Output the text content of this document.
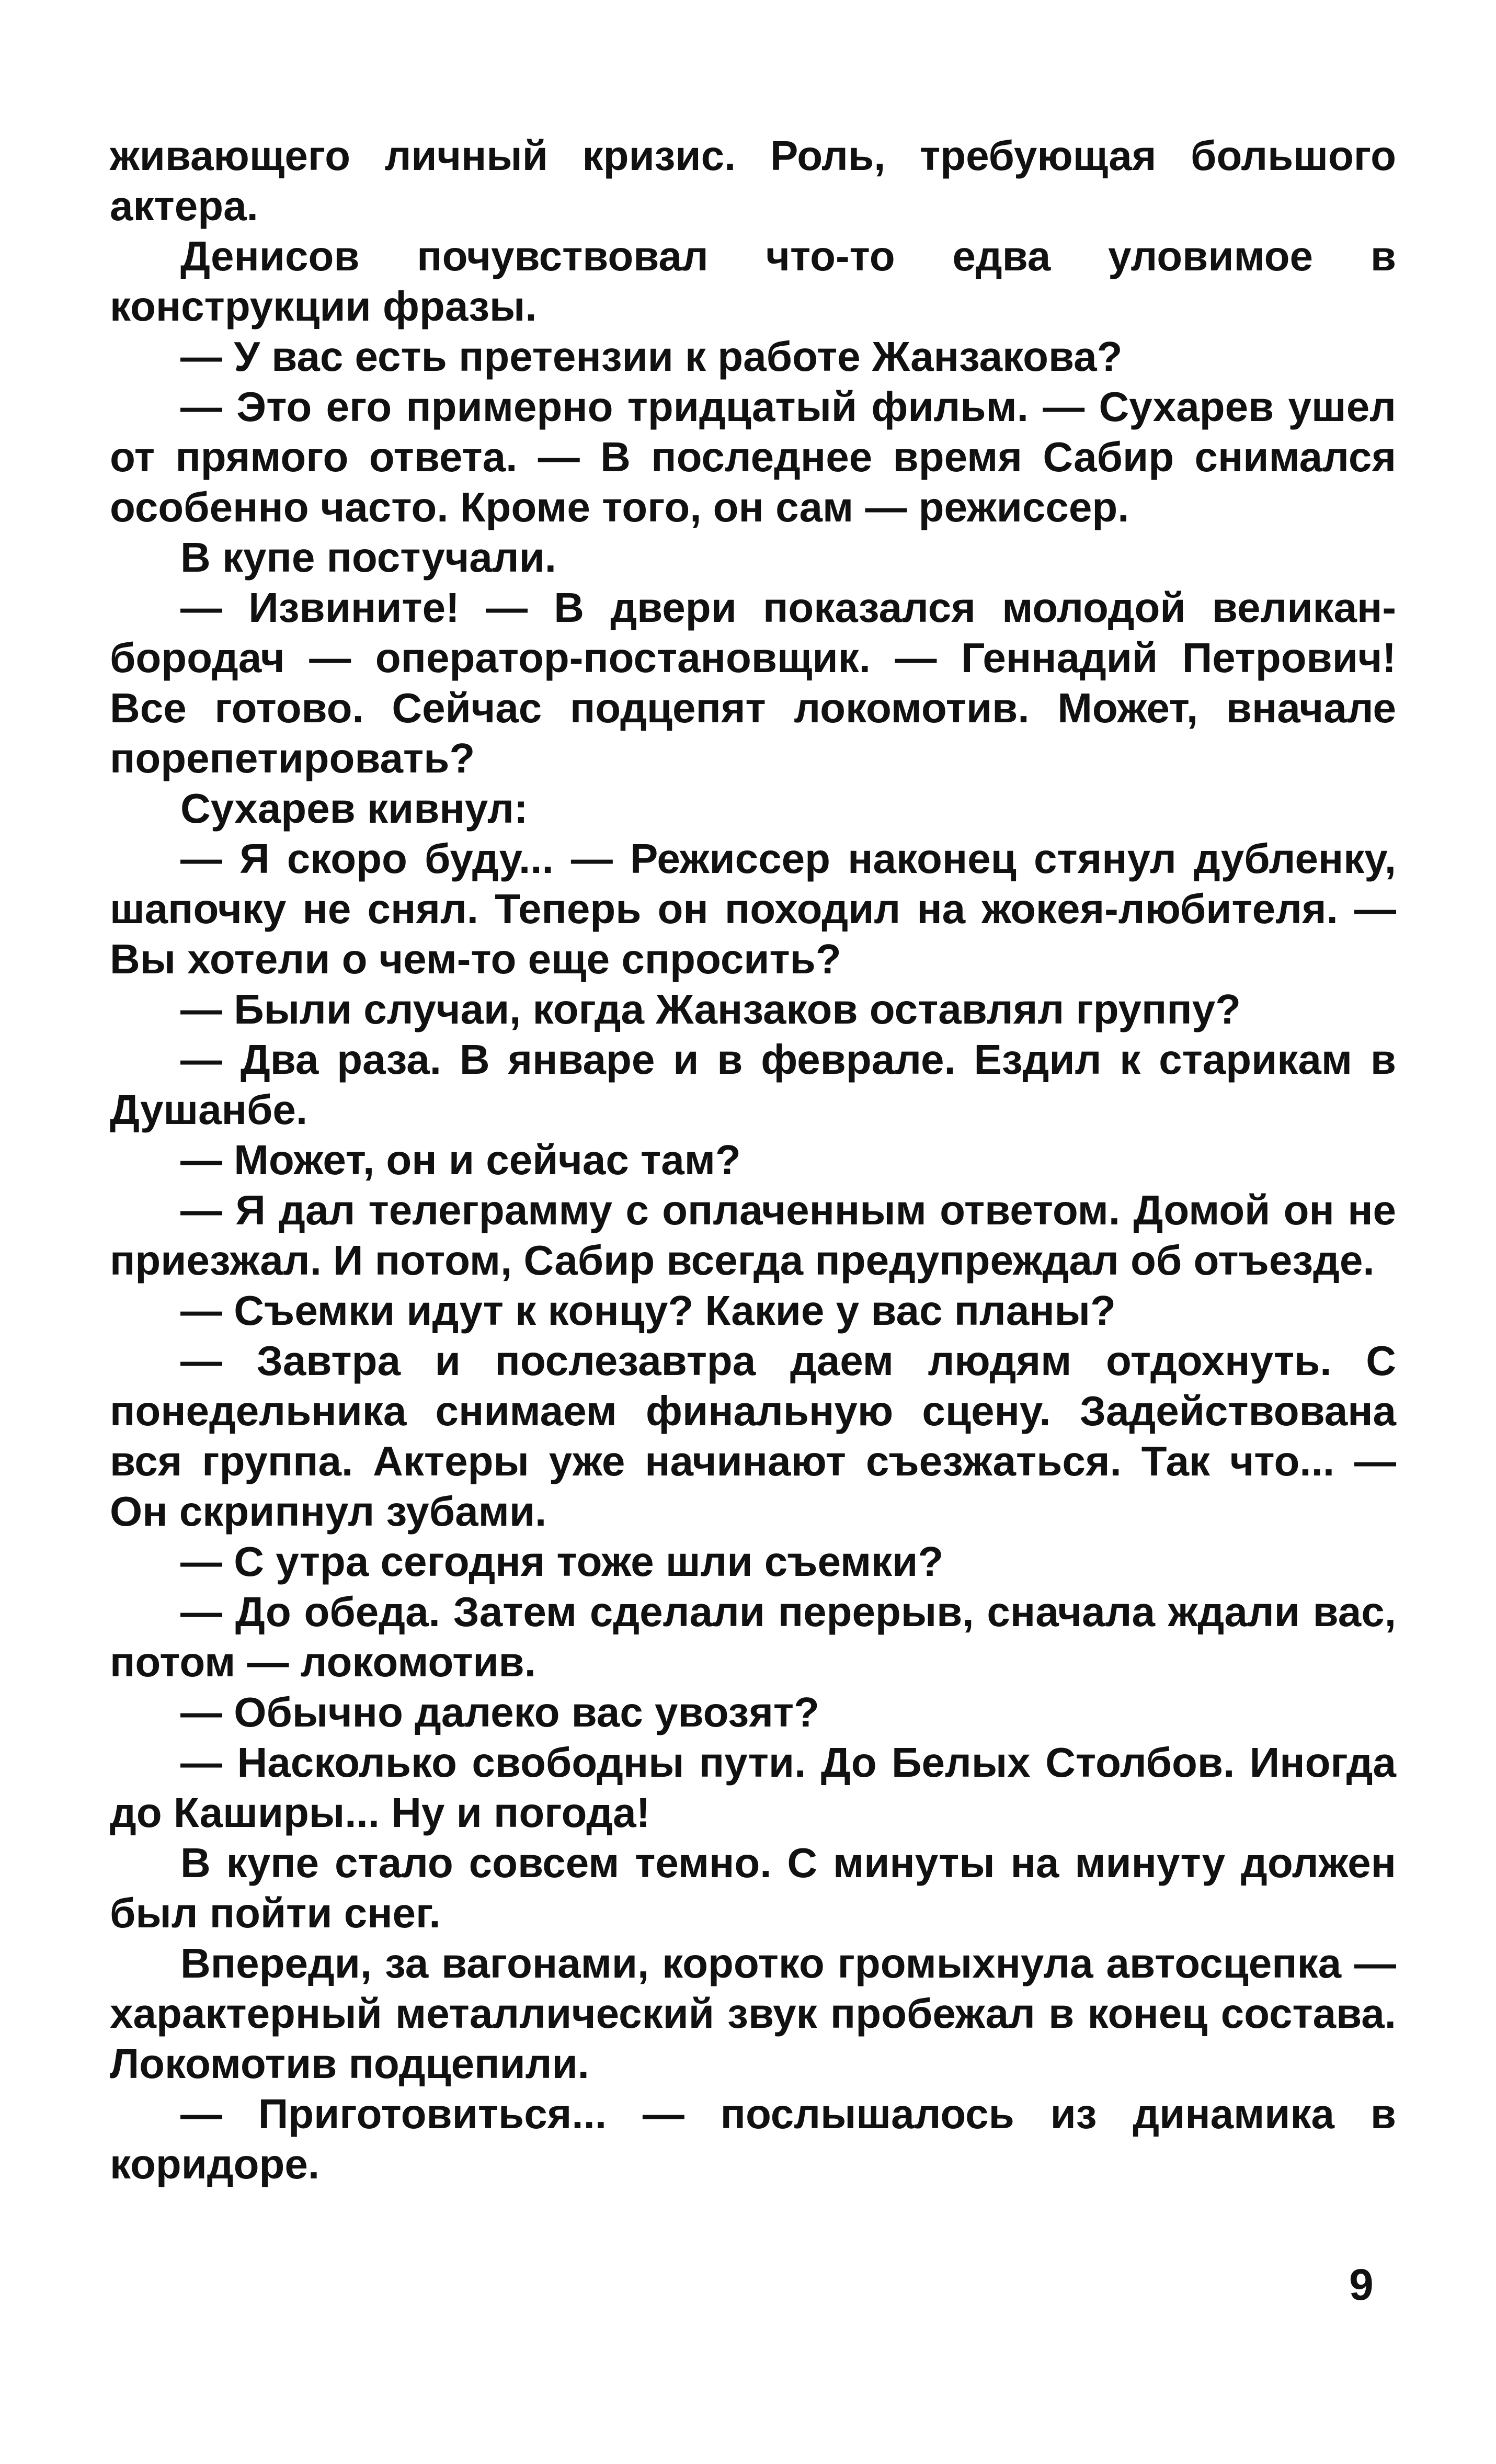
живающего личный кризис. Роль, требующая большого актера.

Денисов почувствовал что-то едва уловимое в конструкции фразы.

— У вас есть претензии к работе Жанзакова?

— Это его примерно тридцатый фильм. — Сухарев ушел от прямого ответа. — В последнее время Сабир снимался особенно часто. Кроме того, он сам — режиссер.

В купе постучали.

— Извините! — В двери показался молодой великан-бородач — оператор-постановщик. — Геннадий Петрович! Все готово. Сейчас подцепят локомотив. Может, вначале порепетировать?

Сухарев кивнул:

— Я скоро буду... — Режиссер наконец стянул дубленку, шапочку не снял. Теперь он походил на жокея-любителя. — Вы хотели о чем-то еще спросить?

— Были случаи, когда Жанзаков оставлял группу?

— Два раза. В январе и в феврале. Ездил к старикам в Душанбе.

— Может, он и сейчас там?

— Я дал телеграмму с оплаченным ответом. Домой он не приезжал. И потом, Сабир всегда предупреждал об отъезде.

— Съемки идут к концу? Какие у вас планы?

— Завтра и послезавтра даем людям отдохнуть. С понедельника снимаем финальную сцену. Задействована вся группа. Актеры уже начинают съезжаться. Так что... — Он скрипнул зубами.

— С утра сегодня тоже шли съемки?

— До обеда. Затем сделали перерыв, сначала ждали вас, потом — локомотив.

— Обычно далеко вас увозят?

— Насколько свободны пути. До Белых Столбов. Иногда до Каширы... Ну и погода!

В купе стало совсем темно. С минуты на минуту должен был пойти снег.

Впереди, за вагонами, коротко громыхнула автосцепка — характерный металлический звук пробежал в конец состава. Локомотив подцепили.

— Приготовиться... — послышалось из динамика в коридоре.

9
